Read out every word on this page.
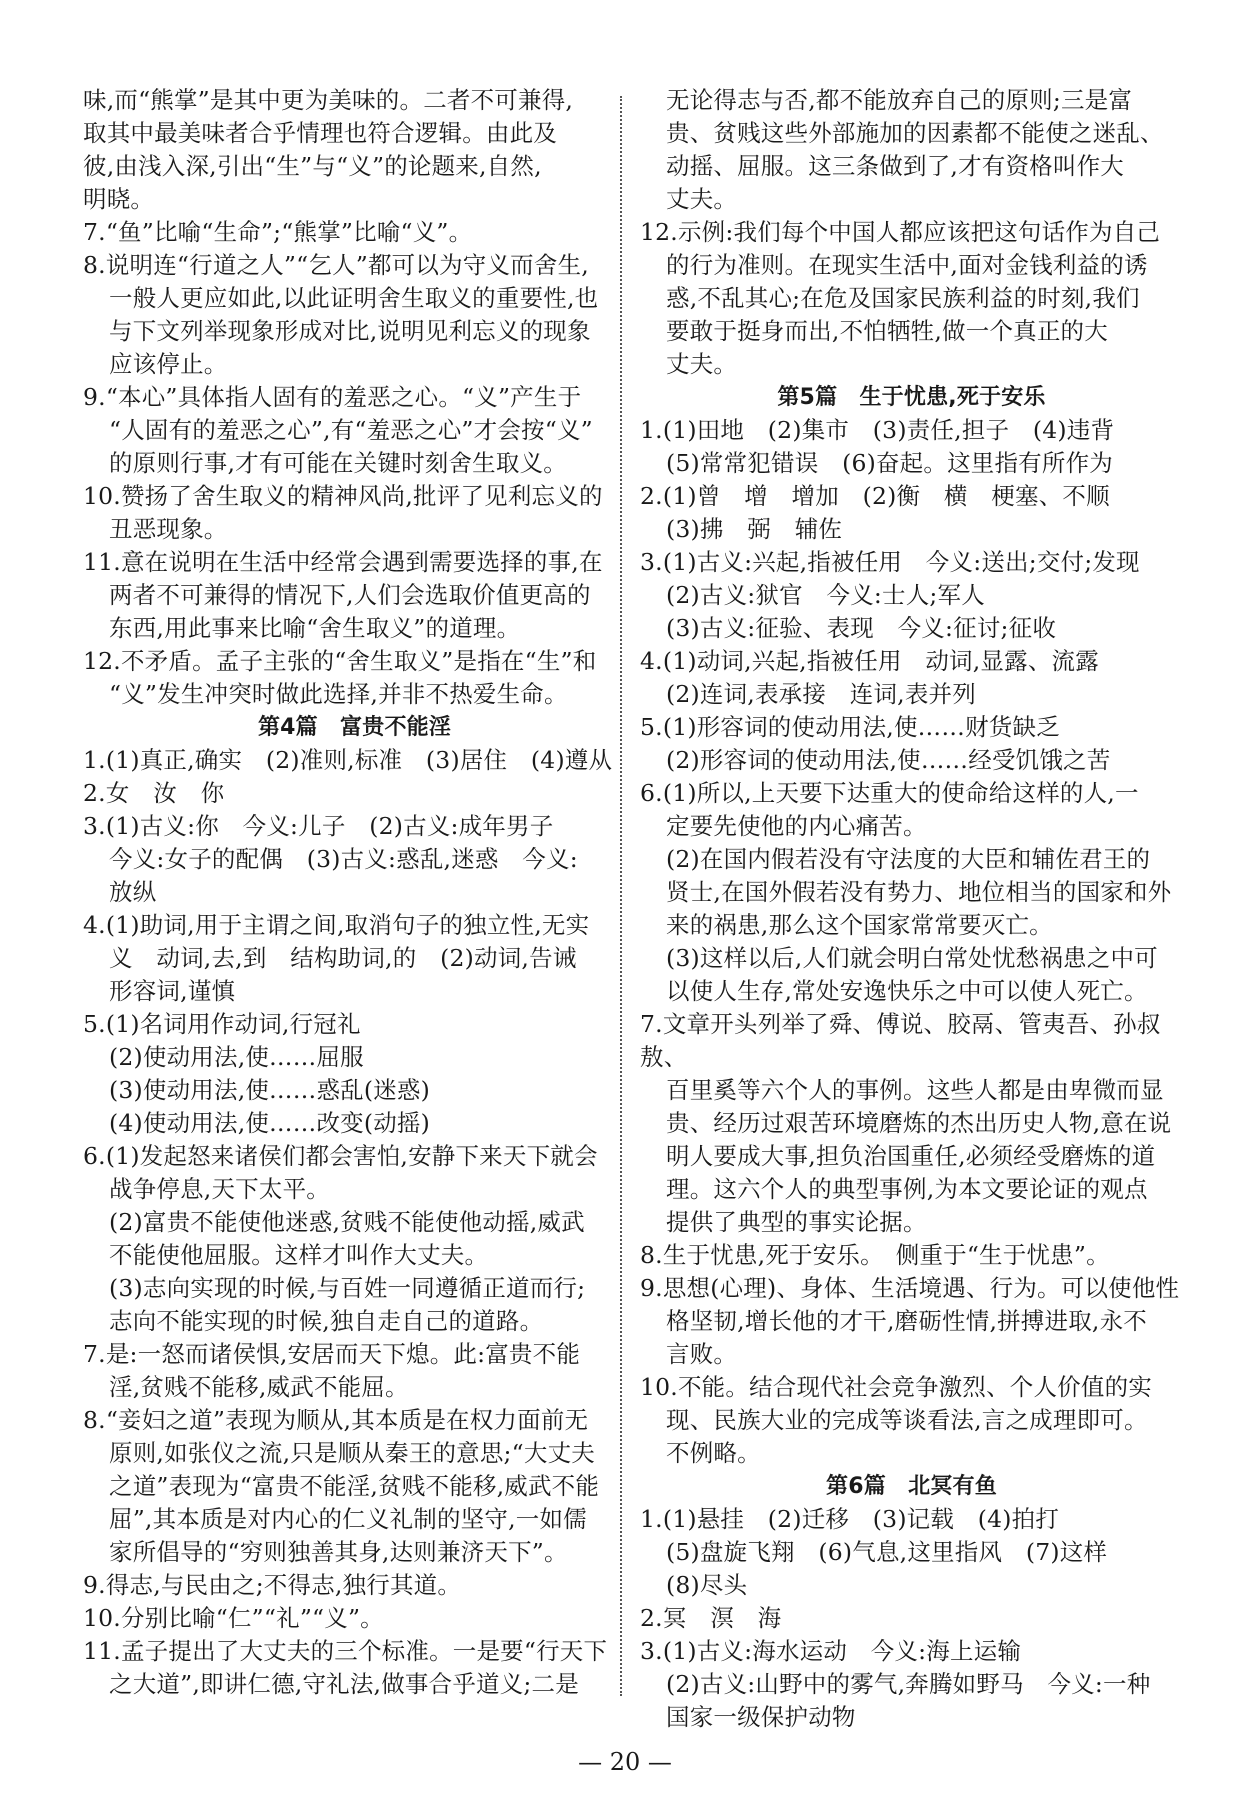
味,而“熊掌”是其中更为美味的。二者不可兼得,

取其中最美味者合乎情理也符合逻辑。由此及

彼,由浅入深,引出“生”与“义”的论题来,自然,

明晓。

7.“鱼”比喻“生命”;“熊掌”比喻“义”。

8.说明连“行道之人”“乞人”都可以为守义而舍生,

一般人更应如此,以此证明舍生取义的重要性,也

与下文列举现象形成对比,说明见利忘义的现象

应该停止。

9.“本心”具体指人固有的羞恶之心。“义”产生于

“人固有的羞恶之心”,有“羞恶之心”才会按“义”

的原则行事,才有可能在关键时刻舍生取义。

10.赞扬了舍生取义的精神风尚,批评了见利忘义的

丑恶现象。

11.意在说明在生活中经常会遇到需要选择的事,在

两者不可兼得的情况下,人们会选取价值更高的

东西,用此事来比喻“舍生取义”的道理。

12.不矛盾。孟子主张的“舍生取义”是指在“生”和

“义”发生冲突时做此选择,并非不热爱生命。

第4篇　富贵不能淫

1.(1)真正,确实　(2)准则,标准　(3)居住　(4)遵从

2.女　汝　你

3.(1)古义:你　今义:儿子　(2)古义:成年男子

今义:女子的配偶　(3)古义:惑乱,迷惑　今义:

放纵

4.(1)助词,用于主谓之间,取消句子的独立性,无实

义　动词,去,到　结构助词,的　(2)动词,告诫

形容词,谨慎

5.(1)名词用作动词,行冠礼

(2)使动用法,使……屈服

(3)使动用法,使……惑乱(迷惑)

(4)使动用法,使……改变(动摇)

6.(1)发起怒来诸侯们都会害怕,安静下来天下就会

战争停息,天下太平。

(2)富贵不能使他迷惑,贫贱不能使他动摇,威武

不能使他屈服。这样才叫作大丈夫。

(3)志向实现的时候,与百姓一同遵循正道而行;

志向不能实现的时候,独自走自己的道路。

7.是:一怒而诸侯惧,安居而天下熄。此:富贵不能

淫,贫贱不能移,威武不能屈。

8.“妾妇之道”表现为顺从,其本质是在权力面前无

原则,如张仪之流,只是顺从秦王的意思;“大丈夫

之道”表现为“富贵不能淫,贫贱不能移,威武不能

屈”,其本质是对内心的仁义礼制的坚守,一如儒

家所倡导的“穷则独善其身,达则兼济天下”。

9.得志,与民由之;不得志,独行其道。

10.分别比喻“仁”“礼”“义”。

11.孟子提出了大丈夫的三个标准。一是要“行天下

之大道”,即讲仁德,守礼法,做事合乎道义;二是

无论得志与否,都不能放弃自己的原则;三是富

贵、贫贱这些外部施加的因素都不能使之迷乱、

动摇、屈服。这三条做到了,才有资格叫作大

丈夫。

12.示例:我们每个中国人都应该把这句话作为自己

的行为准则。在现实生活中,面对金钱利益的诱

惑,不乱其心;在危及国家民族利益的时刻,我们

要敢于挺身而出,不怕牺牲,做一个真正的大

丈夫。

第5篇　生于忧患,死于安乐

1.(1)田地　(2)集市　(3)责任,担子　(4)违背

(5)常常犯错误　(6)奋起。这里指有所作为

2.(1)曾　增　增加　(2)衡　横　梗塞、不顺

(3)拂　弼　辅佐

3.(1)古义:兴起,指被任用　今义:送出;交付;发现

(2)古义:狱官　今义:士人;军人

(3)古义:征验、表现　今义:征讨;征收

4.(1)动词,兴起,指被任用　动词,显露、流露

(2)连词,表承接　连词,表并列

5.(1)形容词的使动用法,使……财货缺乏

(2)形容词的使动用法,使……经受饥饿之苦

6.(1)所以,上天要下达重大的使命给这样的人,一

定要先使他的内心痛苦。

(2)在国内假若没有守法度的大臣和辅佐君王的

贤士,在国外假若没有势力、地位相当的国家和外

来的祸患,那么这个国家常常要灭亡。

(3)这样以后,人们就会明白常处忧愁祸患之中可

以使人生存,常处安逸快乐之中可以使人死亡。

7.文章开头列举了舜、傅说、胶鬲、管夷吾、孙叔敖、

百里奚等六个人的事例。这些人都是由卑微而显

贵、经历过艰苦环境磨炼的杰出历史人物,意在说

明人要成大事,担负治国重任,必须经受磨炼的道

理。这六个人的典型事例,为本文要论证的观点

提供了典型的事实论据。

8.生于忧患,死于安乐。　侧重于“生于忧患”。

9.思想(心理)、身体、生活境遇、行为。可以使他性

格坚韧,增长他的才干,磨砺性情,拼搏进取,永不

言败。

10.不能。结合现代社会竞争激烈、个人价值的实

现、民族大业的完成等谈看法,言之成理即可。

不例略。

第6篇　北冥有鱼

1.(1)悬挂　(2)迁移　(3)记载　(4)拍打

(5)盘旋飞翔　(6)气息,这里指风　(7)这样

(8)尽头

2.冥　溟　海

3.(1)古义:海水运动　今义:海上运输

(2)古义:山野中的雾气,奔腾如野马　今义:一种

国家一级保护动物

— 20 —
